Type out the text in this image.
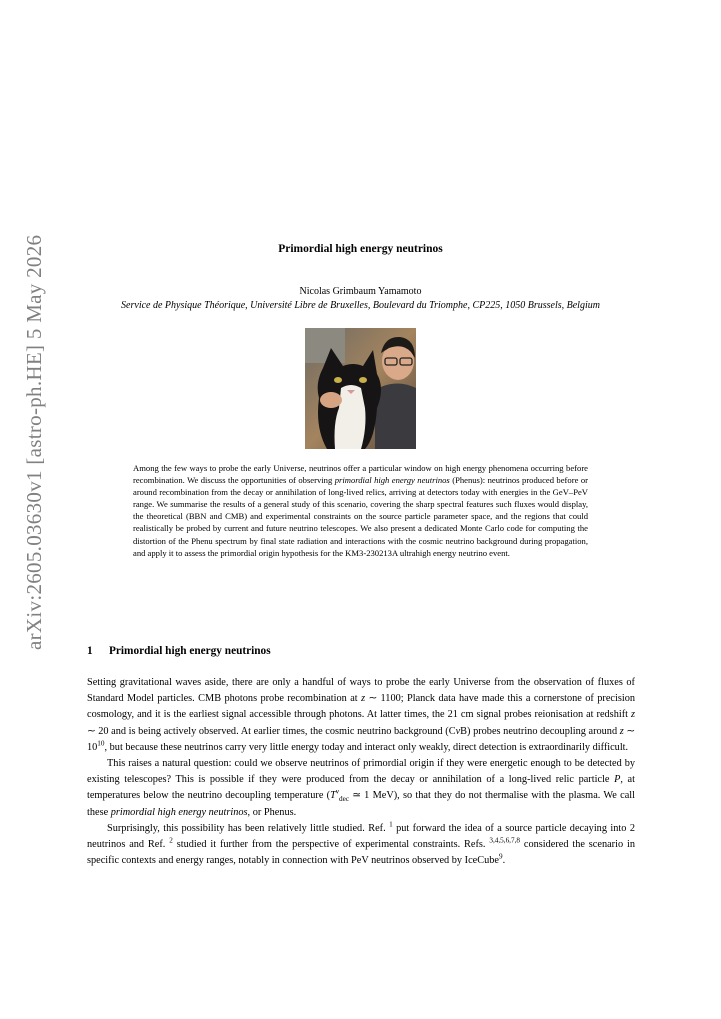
arXiv:2605.03630v1 [astro-ph.HE] 5 May 2026	Primordial high energy neutrinos
Nicolas Grimbaum Yamamoto
Service de Physique Théorique, Université Libre de Bruxelles, Boulevard du Triomphe, CP225, 1050 Brussels, Belgium
Among the few ways to probe the early Universe, neutrinos offer a particular window on high energy phenomena occurring before recombination. We discuss the opportunities of observing primordial high energy neutrinos (Phenus): neutrinos produced before or around recombination from the decay or annihilation of long-lived relics, arriving at detectors today with energies in the GeV–PeV range. We summarise the results of a general study of this scenario, covering the sharp spectral features such fluxes would display, the theoretical (BBN and CMB) and experimental constraints on the source particle parameter space, and the regions that could realistically be probed by current and future neutrino telescopes. We also present a dedicated Monte Carlo code for computing the distortion of the Phenu spectrum by final state radiation and interactions with the cosmic neutrino background during propagation, and apply it to assess the primordial origin hypothesis for the KM3-230213A ultrahigh energy neutrino event.
1 Primordial high energy neutrinos

Setting gravitational waves aside, there are only a handful of ways to probe the early Universe from the observation of fluxes of Standard Model particles. CMB photons probe recombination at z ∼ 1100; Planck data have made this a cornerstone of precision cosmology, and it is the earliest signal accessible through photons. At latter times, the 21 cm signal probes reionisation at redshift z ∼ 20 and is being actively observed. At earlier times, the cosmic neutrino background (CνB) probes neutrino decoupling around z ∼ $10^{10}$, but because these neutrinos carry very little energy today and interact only weakly, direct detection is extraordinarily difficult.

This raises a natural question: could we observe neutrinos of primordial origin if they were energetic enough to be detected by existing telescopes? This is possible if they were produced from the decay or annihilation of a long-lived relic particle P, at temperatures below the neutrino decoupling temperature ($T^\nu_{dec}$ ≃ 1 MeV), so that they do not thermalise with the plasma. We call these primordial high energy neutrinos, or Phenus.

Surprisingly, this possibility has been relatively little studied. Ref. $^1$ put forward the idea of a source particle decaying into 2 neutrinos and Ref. $^2$ studied it further from the perspective of experimental constraints. Refs. $^{3,4,5,6,7,8}$ considered the scenario in specific contexts and energy ranges, notably in connection with PeV neutrinos observed by IceCube$^9$.
